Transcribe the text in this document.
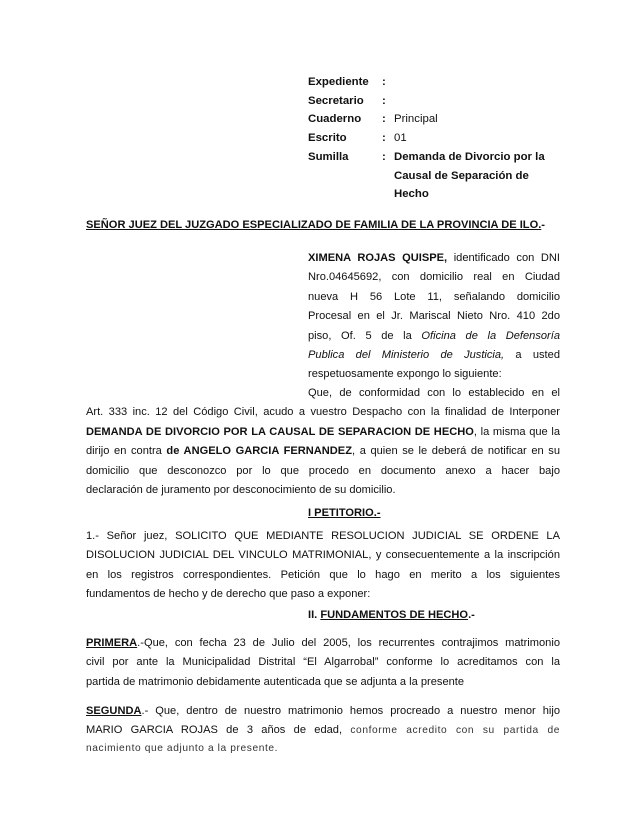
Expediente	:
Secretario	:
Cuaderno	: Principal
Escrito	: 01
Sumilla	: Demanda de Divorcio por la
Causal de Separación de
Hecho
SEÑOR JUEZ DEL JUZGADO ESPECIALIZADO DE FAMILIA DE LA PROVINCIA DE ILO.-
XIMENA ROJAS QUISPE, identificado con DNI
Nro.04645692, con domicilio real en Ciudad
nueva H 56 Lote 11, señalando domicilio
Procesal en el Jr. Mariscal Nieto Nro. 410 2do
piso, Of. 5 de la Oficina de la Defensoría
Publica del Ministerio de Justicia, a usted
respetuosamente expongo lo siguiente:
Que, de conformidad con lo establecido en el
Art. 333 inc. 12 del Código Civil, acudo a vuestro Despacho con la finalidad de Interponer
DEMANDA DE DIVORCIO POR LA CAUSAL DE SEPARACION DE HECHO, la misma que la
dirijo en contra de ANGELO GARCIA FERNANDEZ, a quien se le deberá de notificar en su
domicilio que desconozco por lo que procedo en documento anexo a hacer bajo
declaración de juramento por desconocimiento de su domicilio.
I PETITORIO.-
1.- Señor juez, SOLICITO QUE MEDIANTE RESOLUCION JUDICIAL SE ORDENE LA
DISOLUCION JUDICIAL DEL VINCULO MATRIMONIAL, y consecuentemente a la inscripción
en los registros correspondientes. Petición que lo hago en merito a los siguientes
fundamentos de hecho y de derecho que paso a exponer:
II. FUNDAMENTOS DE HECHO.-
PRIMERA.-Que, con fecha 23 de Julio del 2005, los recurrentes contrajimos matrimonio
civil por ante la Municipalidad Distrital “El Algarrobal” conforme lo acreditamos con la
partida de matrimonio debidamente autenticada que se adjunta a la presente
SEGUNDA.- Que, dentro de nuestro matrimonio hemos procreado a nuestro menor hijo
MARIO GARCIA ROJAS de 3 años de edad, conforme acredito con su partida de
nacimiento que adjunto a la presente.
